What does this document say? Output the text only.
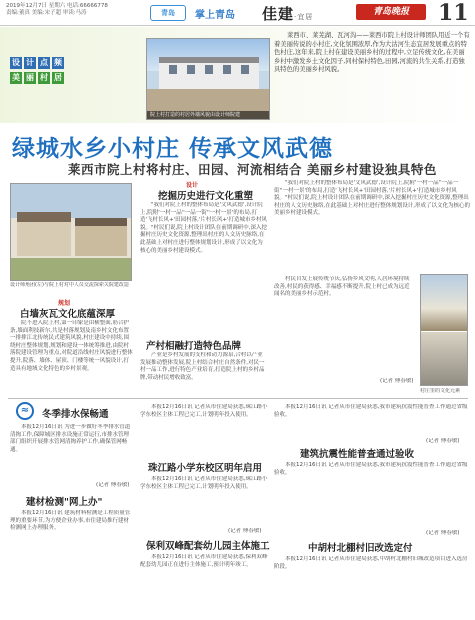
2019年12月7日 星期六 电话:66666778
责编:董真 美编:宋子超 审读:马涛	青岛	掌上青岛 佳建·宜居	青岛晚报	11
设 计 点 频
美 丽 村 居
院上村打造的村居外墙风貌由设计师院建
莱西市、莱芜湖、瓦河沟——莱西市院上村设计师团队用近一个有着美丽传说的小村庄,文化氛围浓厚,作为大沽河生态宜居发展重点的特色村庄,这年来,院上村在建设美丽乡村的过程中,立足传统文化,在美丽乡村中激发乡土文化因子,同村保村特色,田园,河流的共生关系,打造独具特色的美丽乡村风貌。
绿城水乡小村庄 传承文风武德
莱西市院上村将村庄、田园、河流相结合 美丽乡村建设独具特色
设计师角团(左)与院上村对中人员交流探索关院建改造
规划
白墙灰瓦文化底蕴深厚
院不进入院上村,第一印象是由横整面,筋合护条,墙面利技新尔,共是村落规划及南乡村文化布置一排排江北传统民式建筑风貌,村庄建设中持续,围绕村庄整体规划,规划和建设一体统筹推进,由院村落院建设管理为重点,对院道沿线村庄风貌进行整体提升,院落、墙体、屋顶、门楼等统一风貌设计,打造具有地域文化特色的乡村景观。
设计
挖掘历史进行文化重塑
"我们对院上村的整体布局是'文风武德',设计院上,院附'一村一品''一品一街''一村一景'的布局,打造'飞村长风+'田园村落,'片村长风+'打造城市乡村风貌。"村民们说,院上村设计团队在前期调研中,深入挖掘村庄历史文化资源,整理出村庄的人文历史脉络,在此基础上对村庄进行整体规划设计,形成了以文化为核心的美丽乡村建设模式。
产村相融打造特色品牌
产业是乡村发展的支柱和动力源泉,合村以产业发展推动整体发展,院上村结合村庄自然条件,对民一村一品工作,进行特色产业培育,打造院上村的乡村品牌,带动村民增收致富。
"我们对院上村的整体布局是'文风武德',设计院上,院附'一村一品''一品一街''一村一景'的布局,打造'飞村长风+'田园村落,'片村长风+'打造城市乡村风貌。"村民们说,院上村设计团队在前期调研中,深入挖掘村庄历史文化资源,整理出村庄的人文历史脉络,在此基础上对村庄进行整体规划设计,形成了以文化为核心的美丽乡村建设模式。
村民自发上展传统节庆,弘扬乡风文明,人居环境持续改善,村民的获得感、幸福感不断提升,院上村已成为远近闻名的美丽乡村示范村。
村庄里的文化元素
(记者 傅春敏)
≈	冬季排水保畅通
本报12月16日讯 为进一步做好冬季排水管道清掏工作,保障城区排水设施正常运行,市排水管理部门组织开展排水管网清掏养护工作,确保管网畅通。
(记者 傅春敏)
建材检测"网上办"
本报12月16日讯 建筑材料检测是工程质量管理的重要环节,为方便企业办事,市住建局推行建材检测网上办理服务。
本报12月16日讯 记者从市住建局获悉,珠江路小学东校区主体工程已完工,计划明年投入使用。
珠江路小学东校区明年启用
本报12月16日讯 记者从市住建局获悉,珠江路小学东校区主体工程已完工,计划明年投入使用。
(记者 傅春敏)
保利双峰配套幼儿园主体施工
本报12月16日讯 记者从市住建局获悉,保利双峰配套幼儿园正在进行主体施工,预计明年竣工。
本报12月16日讯 记者从市住建局获悉,我市建筑抗震性能普查工作通过省级验收。
(记者 傅春敏)
建筑抗震性能普查通过验收
本报12月16日讯 记者从市住建局获悉,我市建筑抗震性能普查工作通过省级验收。
(记者 傅春敏)
中胡村北棚村旧改选定付
本报12月16日讯 记者从市住建局获悉,中胡村北棚村旧城改造项目进入选房阶段。
